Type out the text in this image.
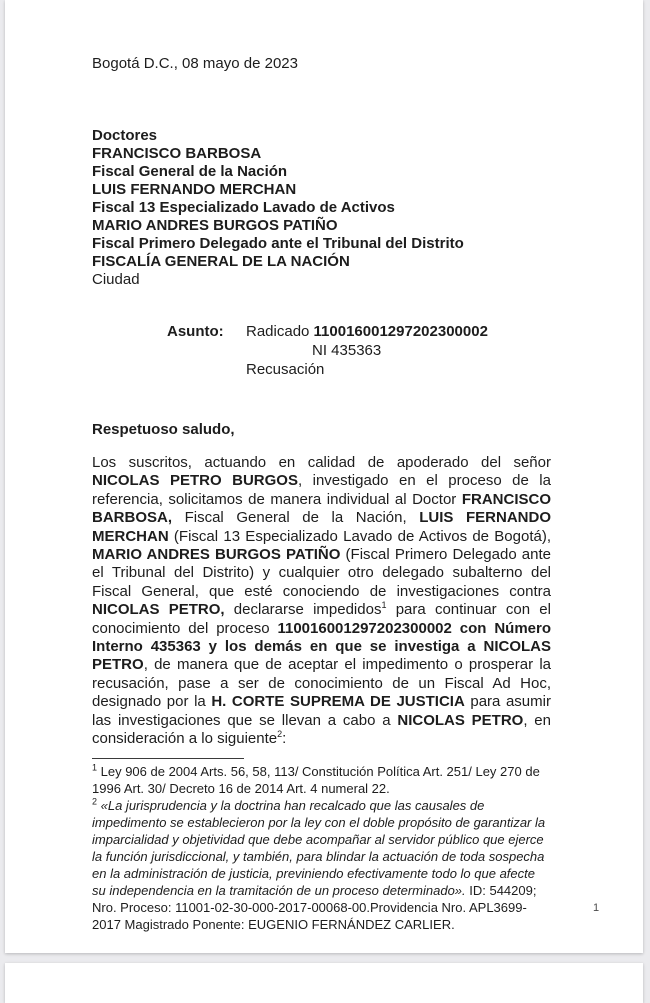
Bogotá D.C., 08 mayo de 2023
Doctores
FRANCISCO BARBOSA
Fiscal General de la Nación
LUIS FERNANDO MERCHAN
Fiscal 13 Especializado Lavado de Activos
MARIO ANDRES BURGOS PATIÑO
Fiscal Primero Delegado ante el Tribunal del Distrito
FISCALÍA GENERAL DE LA NACIÓN
Ciudad
Asunto:	Radicado 110016001297202300002
NI 435363
Recusación
Respetuoso saludo,

Los suscritos, actuando en calidad de apoderado del señor NICOLAS PETRO BURGOS, investigado en el proceso de la referencia, solicitamos de manera individual al Doctor FRANCISCO BARBOSA, Fiscal General de la Nación, LUIS FERNANDO MERCHAN (Fiscal 13 Especializado Lavado de Activos de Bogotá), MARIO ANDRES BURGOS PATIÑO (Fiscal Primero Delegado ante el Tribunal del Distrito) y cualquier otro delegado subalterno del Fiscal General, que esté conociendo de investigaciones contra NICOLAS PETRO, declararse impedidos$^1$ para continuar con el conocimiento del proceso 110016001297202300002 con Número Interno 435363 y los demás en que se investiga a NICOLAS PETRO, de manera que de aceptar el impedimento o prosperar la recusación, pase a ser de conocimiento de un Fiscal Ad Hoc, designado por la H. CORTE SUPREMA DE JUSTICIA para asumir las investigaciones que se llevan a cabo a NICOLAS PETRO, en consideración a lo siguiente$^2$:

$^1$ Ley 906 de 2004 Arts. 56, 58, 113/ Constitución Política Art. 251/ Ley 270 de 1996 Art. 30/ Decreto 16 de 2014 Art. 4 numeral 22.
$^2$ «La jurisprudencia y la doctrina han recalcado que las causales de impedimento se establecieron por la ley con el doble propósito de garantizar la imparcialidad y objetividad que debe acompañar al servidor público que ejerce la función jurisdiccional, y también, para blindar la actuación de toda sospecha en la administración de justicia, previniendo efectivamente todo lo que afecte su independencia en la tramitación de un proceso determinado». ID: 544209; Nro. Proceso: 11001-02-30-000-2017-00068-00.Providencia Nro. APL3699-2017 Magistrado Ponente: EUGENIO FERNÁNDEZ CARLIER.
1
